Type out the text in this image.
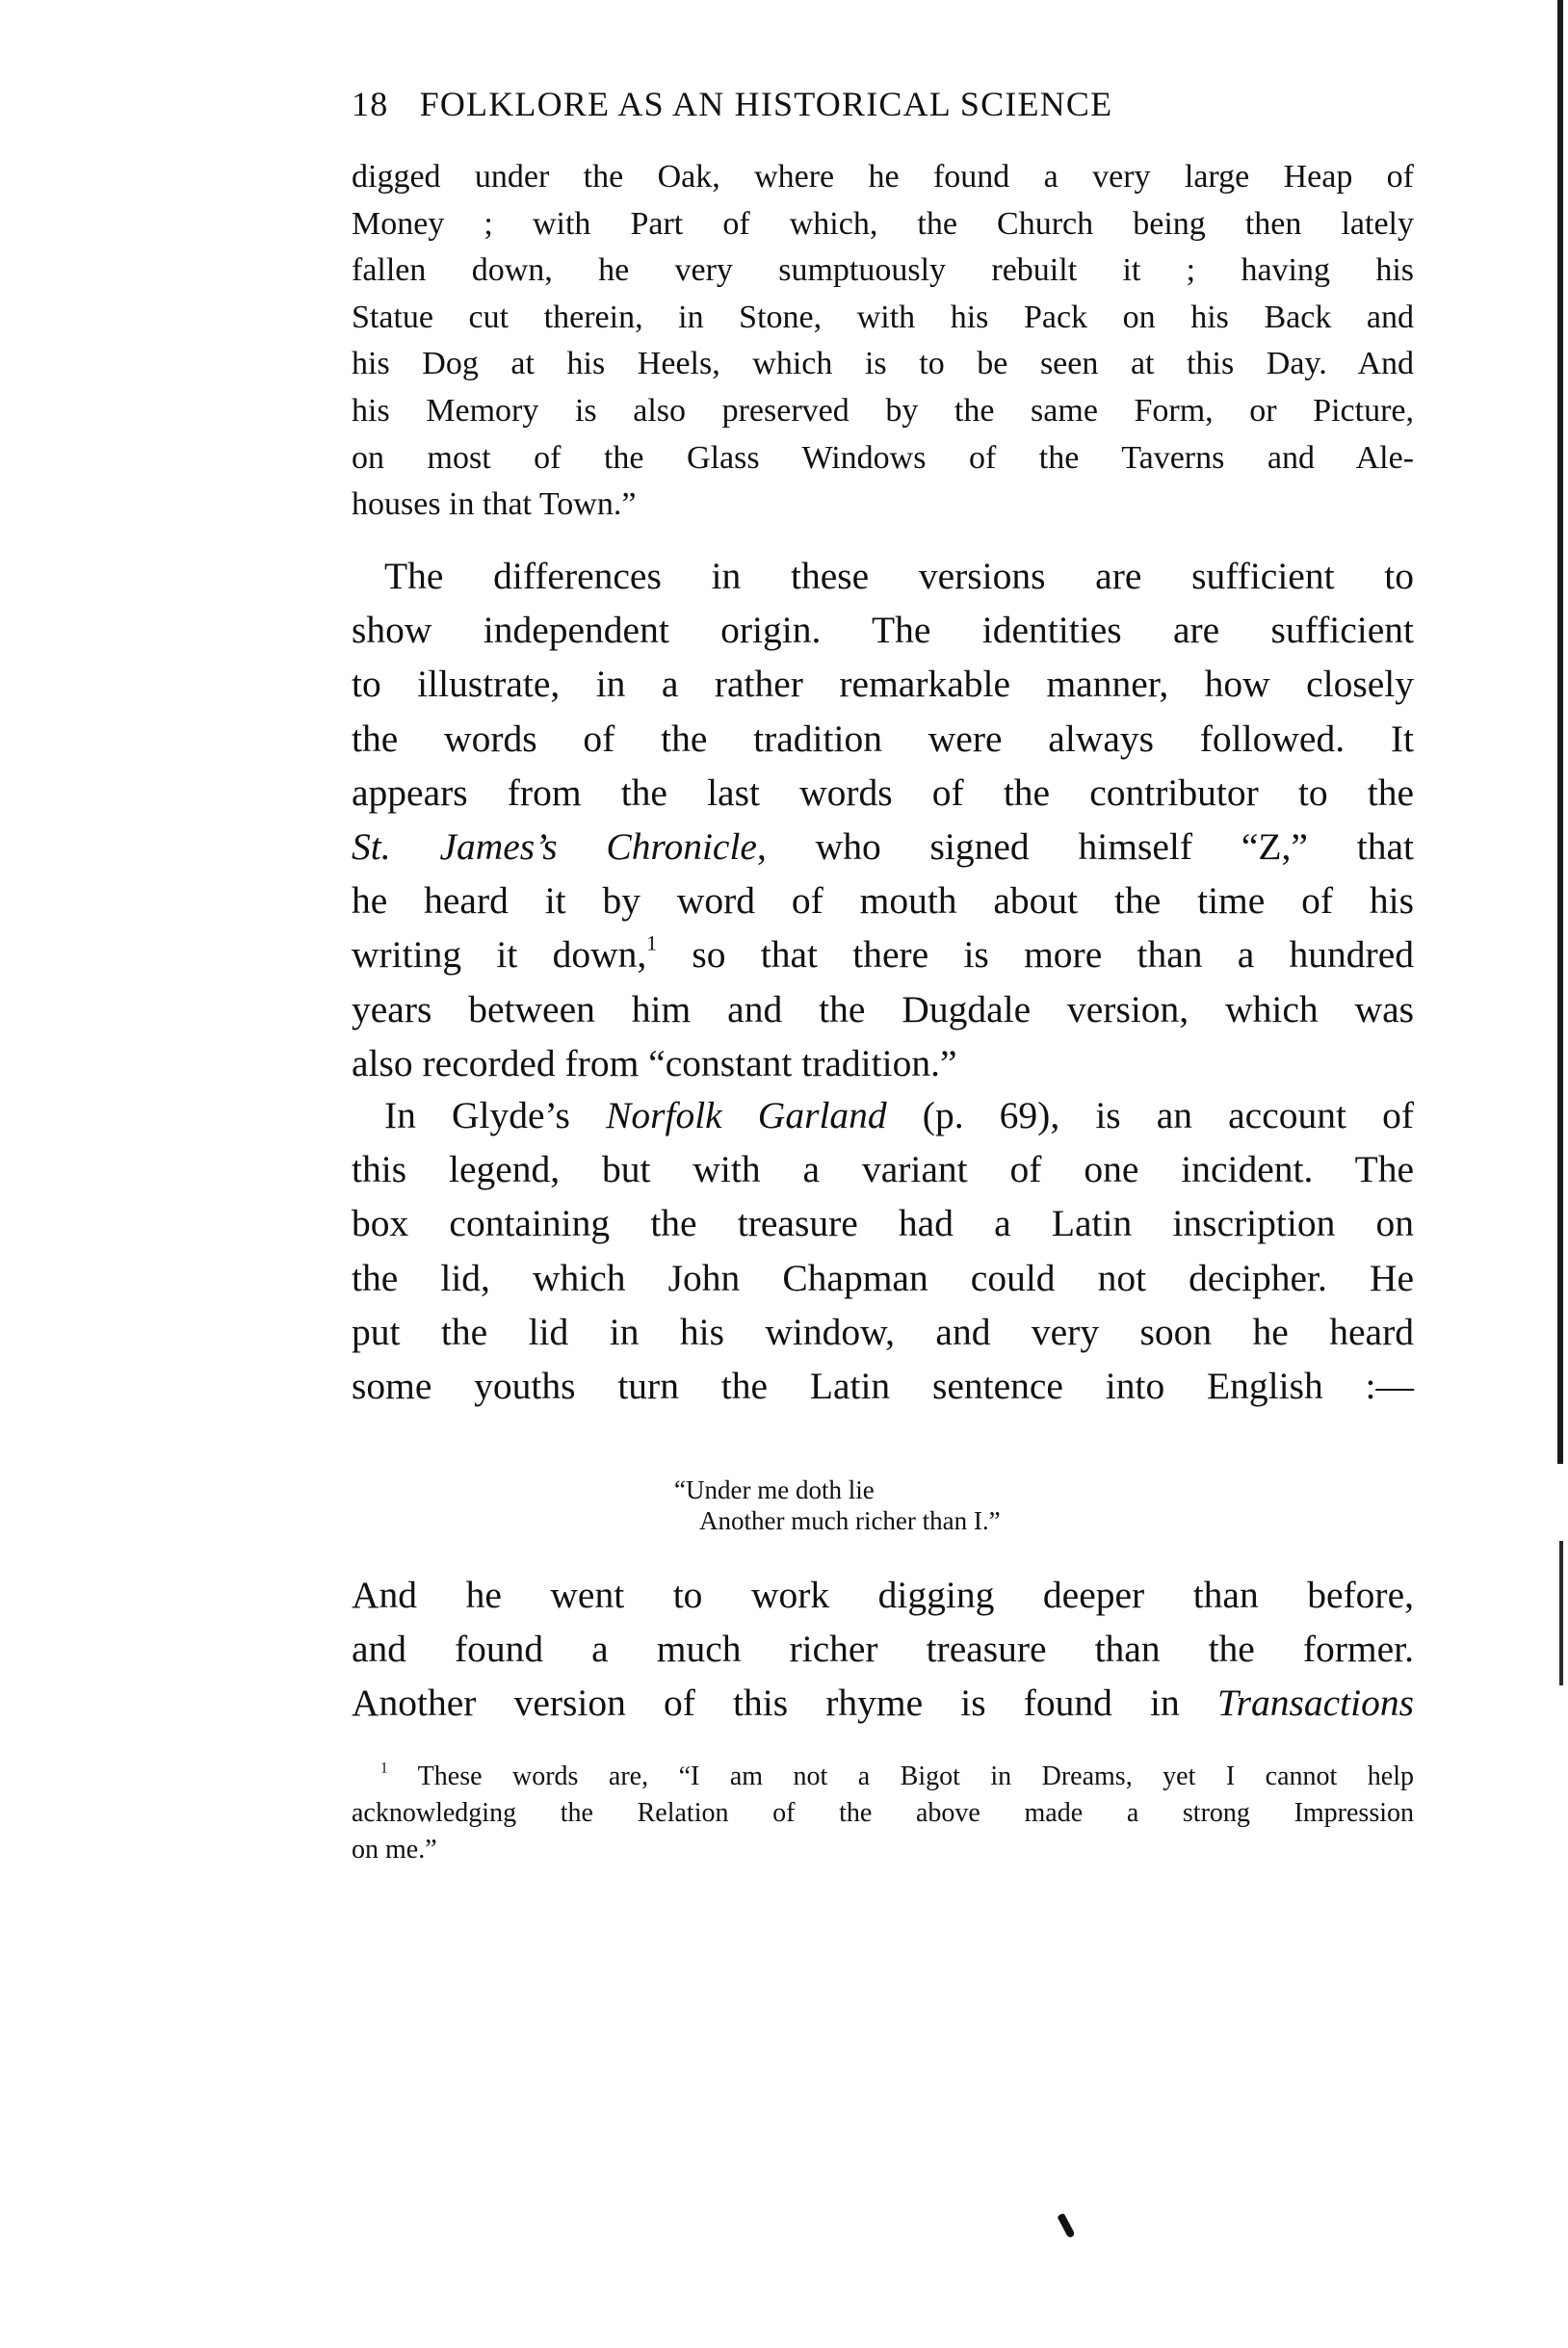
18 FOLKLORE AS AN HISTORICAL SCIENCE
digged under the Oak, where he found a very large Heap of
Money ; with Part of which, the Church being then lately
fallen down, he very sumptuously rebuilt it ; having his
Statue cut therein, in Stone, with his Pack on his Back and
his Dog at his Heels, which is to be seen at this Day. And
his Memory is also preserved by the same Form, or Picture,
on most of the Glass Windows of the Taverns and Ale-
houses in that Town.”
The differences in these versions are sufficient to
show independent origin. The identities are sufficient
to illustrate, in a rather remarkable manner, how closely
the words of the tradition were always followed. It
appears from the last words of the contributor to the
St. James’s Chronicle, who signed himself “Z,” that
he heard it by word of mouth about the time of his
writing it down,$^1$ so that there is more than a hundred
years between him and the Dugdale version, which was
also recorded from “constant tradition.”
In Glyde’s Norfolk Garland (p. 69), is an account of
this legend, but with a variant of one incident. The
box containing the treasure had a Latin inscription on
the lid, which John Chapman could not decipher. He
put the lid in his window, and very soon he heard
some youths turn the Latin sentence into English :—
“Under me doth lie
Another much richer than I.”
And he went to work digging deeper than before,
and found a much richer treasure than the former.
Another version of this rhyme is found in Transactions
$^1$ These words are, “I am not a Bigot in Dreams, yet I cannot help
acknowledging the Relation of the above made a strong Impression
on me.”
